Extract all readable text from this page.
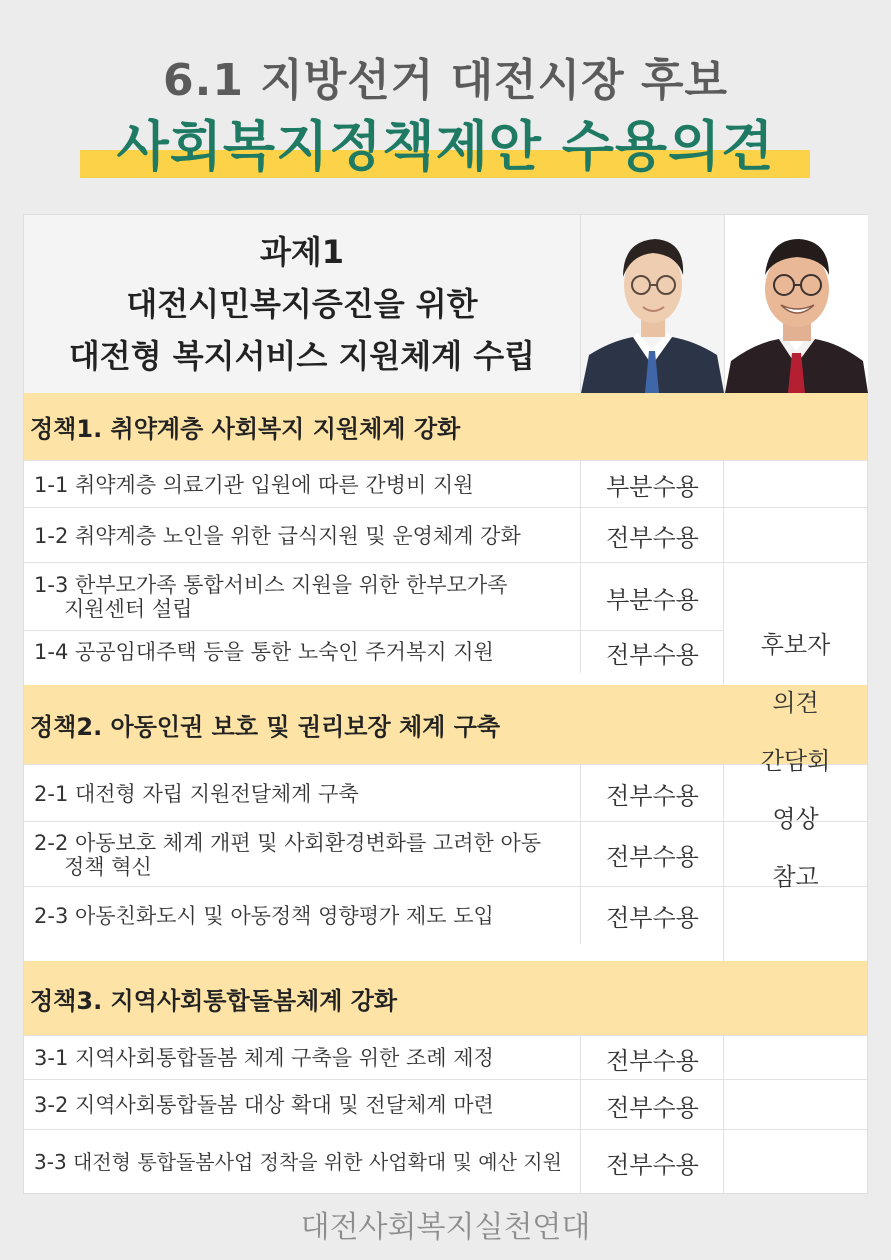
6.1 지방선거 대전시장 후보
사회복지정책제안 수용의견
과제1
대전시민복지증진을 위한
대전형 복지서비스 지원체계 수립
정책1. 취약계층 사회복지 지원체계 강화
1-1 취약계층 의료기관 입원에 따른 간병비 지원	부분수용
1-2 취약계층 노인을 위한 급식지원 및 운영체계 강화	전부수용
1-3 한부모가족 통합서비스 지원을 위한 한부모가족
지원센터 설립	부분수용
1-4 공공임대주택 등을 통한 노숙인 주거복지 지원	전부수용
정책2. 아동인권 보호 및 권리보장 체계 구축
2-1 대전형 자립 지원전달체계 구축	전부수용
2-2 아동보호 체계 개편 및 사회환경변화를 고려한 아동
정책 혁신	전부수용
2-3 아동친화도시 및 아동정책 영향평가 제도 도입	전부수용
정책3. 지역사회통합돌봄체계 강화
3-1 지역사회통합돌봄 체계 구축을 위한 조례 제정	전부수용
3-2 지역사회통합돌봄 대상 확대 및 전달체계 마련	전부수용
3-3 대전형 통합돌봄사업 정착을 위한 사업확대 및 예산 지원	전부수용
후보자
의견
간담회
영상
참고
대전사회복지실천연대
